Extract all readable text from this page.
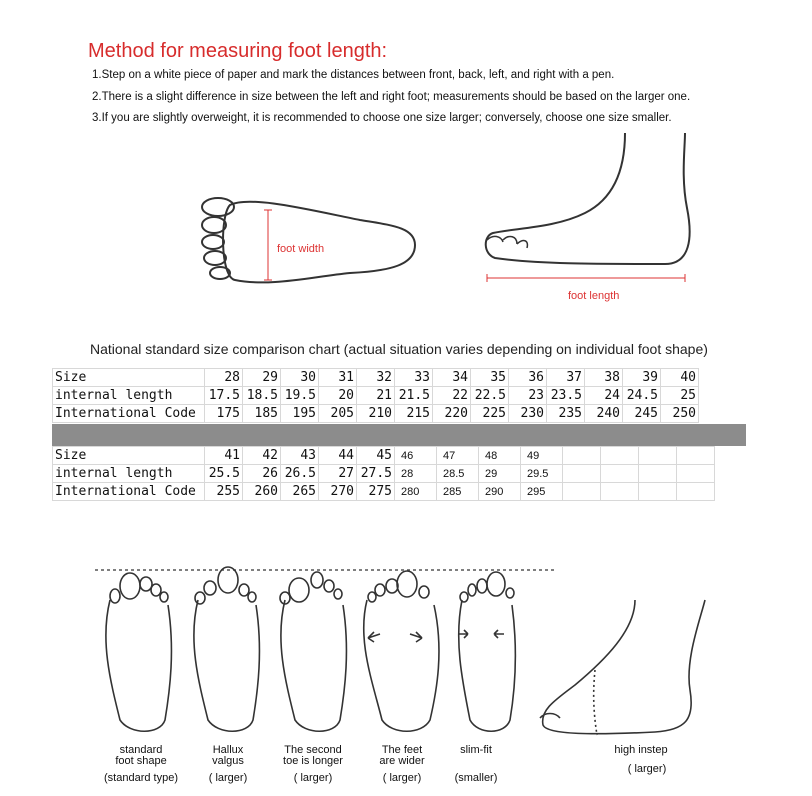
Method for measuring foot length:
1.Step on a white piece of paper and mark the distances between front, back, left, and right with a pen.
2.There is a slight difference in size between the left and right foot; measurements should be based on the larger one.
3.If you are slightly overweight, it is recommended to choose one size larger; conversely, choose one size smaller.
foot width
foot length
National standard size comparison chart (actual situation varies depending on individual foot shape)
Size	28	29	30	31	32	33	34	35	36	37	38	39	40
internal length	17.5	18.5	19.5	20	21	21.5	22	22.5	23	23.5	24	24.5	25
International Code	175	185	195	205	210	215	220	225	230	235	240	245	250
Size	41	42	43	44	45	46	47	48	49				
internal length	25.5	26	26.5	27	27.5	28	28.5	29	29.5				
International Code	255	260	265	270	275	280	285	290	295				
standard
foot shape
(standard type)
Hallux
valgus
( larger)
The second
toe is longer
( larger)
The feet
are wider
( larger)
slim-fit
(smaller)
high instep
( larger)
